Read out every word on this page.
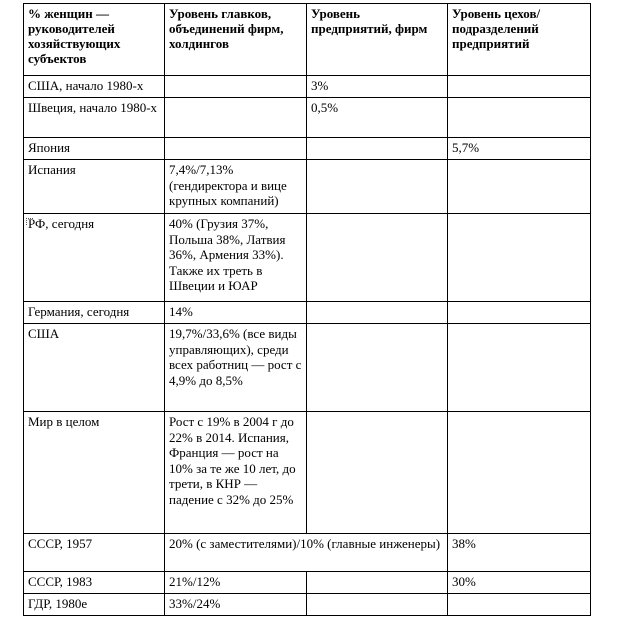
% женщин — руководителей хозяйствующих субъектов	Уровень главков, объединений фирм, холдингов	Уровень предприятий, фирм	Уровень цехов/подразделений предприятий
США, начало 1980-х		3%	
Швеция, начало 1980-х		0,5%	
Япония			5,7%
Испания	7,4%/7,13% (гендиректора и вице крупных компаний)		
РФ, сегодня	40% (Грузия 37%, Польша 38%, Латвия 36%, Армения 33%). Также их треть в Швеции и ЮАР		
Германия, сегодня	14%		
США	19,7%/33,6% (все виды управляющих), среди всех работниц — рост с 4,9% до 8,5%		
Мир в целом	Рост с 19% в 2004 г до 22% в 2014. Испания, Франция — рост на 10% за те же 10 лет, до трети, в КНР — падение с 32% до 25%		
СССР, 1957	20% (с заместителями)/10% (главные инженеры)		38%
СССР, 1983	21%/12%		30%
ГДР, 1980е	33%/24%		
